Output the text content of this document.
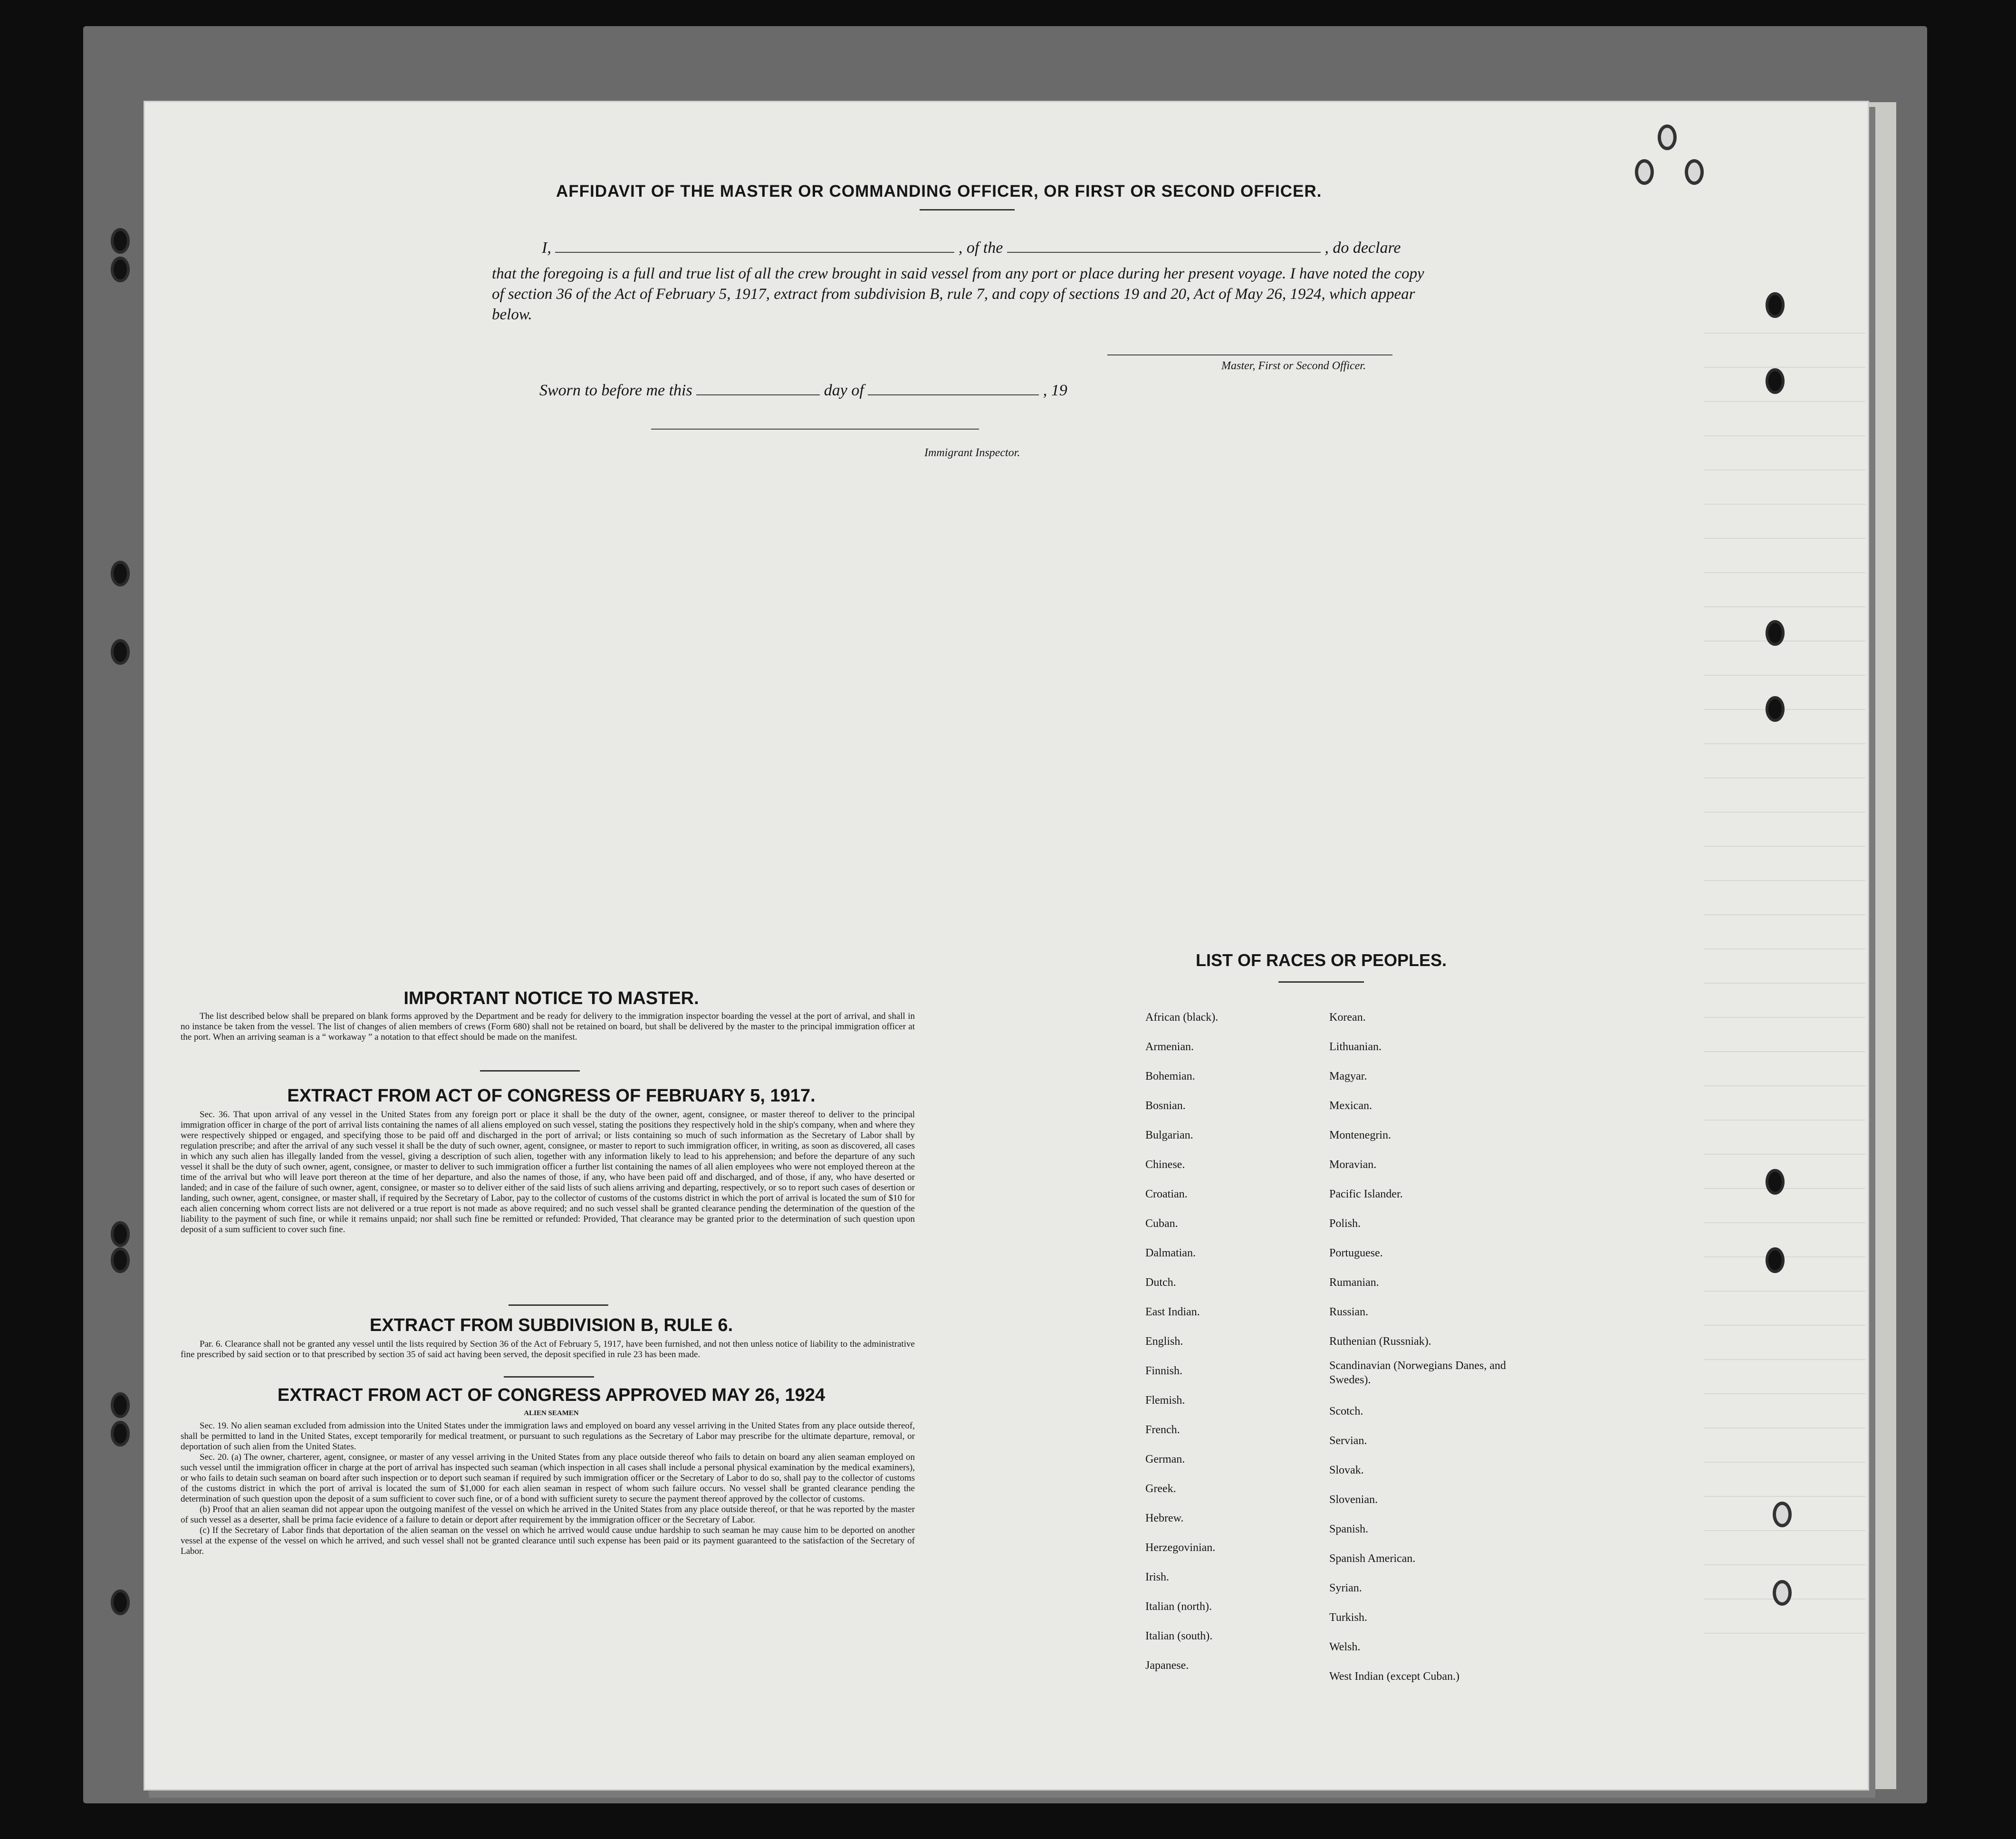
AFFIDAVIT OF THE MASTER OR COMMANDING OFFICER, OR FIRST OR SECOND OFFICER.
I,	, of the	, do declare
that the foregoing is a full and true list of all the crew brought in said vessel from any port or place during her present voyage. I have noted the copy of section 36 of the Act of February 5, 1917, extract from subdivision B, rule 7, and copy of sections 19 and 20, Act of May 26, 1924, which appear below.
Master, First or Second Officer.
Sworn to before me this	day of	, 19
Immigrant Inspector.
IMPORTANT NOTICE TO MASTER.

The list described below shall be prepared on blank forms approved by the Department and be ready for delivery to the immigration inspector boarding the vessel at the port of arrival, and shall in no instance be taken from the vessel. The list of changes of alien members of crews (Form 680) shall not be retained on board, but shall be delivered by the master to the principal immigration officer at the port. When an arriving seaman is a “ workaway ” a notation to that effect should be made on the manifest.

EXTRACT FROM ACT OF CONGRESS OF FEBRUARY 5, 1917.

Sec. 36. That upon arrival of any vessel in the United States from any foreign port or place it shall be the duty of the owner, agent, consignee, or master thereof to deliver to the principal immigration officer in charge of the port of arrival lists containing the names of all aliens employed on such vessel, stating the positions they respectively hold in the ship's company, when and where they were respectively shipped or engaged, and specifying those to be paid off and discharged in the port of arrival; or lists containing so much of such information as the Secretary of Labor shall by regulation prescribe; and after the arrival of any such vessel it shall be the duty of such owner, agent, consignee, or master to report to such immigration officer, in writing, as soon as discovered, all cases in which any such alien has illegally landed from the vessel, giving a description of such alien, together with any information likely to lead to his apprehension; and before the departure of any such vessel it shall be the duty of such owner, agent, consignee, or master to deliver to such immigration officer a further list containing the names of all alien employees who were not employed thereon at the time of the arrival but who will leave port thereon at the time of her departure, and also the names of those, if any, who have been paid off and discharged, and of those, if any, who have deserted or landed; and in case of the failure of such owner, agent, consignee, or master so to deliver either of the said lists of such aliens arriving and departing, respectively, or so to report such cases of desertion or landing, such owner, agent, consignee, or master shall, if required by the Secretary of Labor, pay to the collector of customs of the customs district in which the port of arrival is located the sum of $10 for each alien concerning whom correct lists are not delivered or a true report is not made as above required; and no such vessel shall be granted clearance pending the determination of the question of the liability to the payment of such fine, or while it remains unpaid; nor shall such fine be remitted or refunded: Provided, That clearance may be granted prior to the determination of such question upon deposit of a sum sufficient to cover such fine.

EXTRACT FROM SUBDIVISION B, RULE 6.

Par. 6. Clearance shall not be granted any vessel until the lists required by Section 36 of the Act of February 5, 1917, have been furnished, and not then unless notice of liability to the administrative fine prescribed by said section or to that prescribed by section 35 of said act having been served, the deposit specified in rule 23 has been made.

EXTRACT FROM ACT OF CONGRESS APPROVED MAY 26, 1924
ALIEN SEAMEN

Sec. 19. No alien seaman excluded from admission into the United States under the immigration laws and employed on board any vessel arriving in the United States from any place outside thereof, shall be permitted to land in the United States, except temporarily for medical treatment, or pursuant to such regulations as the Secretary of Labor may prescribe for the ultimate departure, removal, or deportation of such alien from the United States.

Sec. 20. (a) The owner, charterer, agent, consignee, or master of any vessel arriving in the United States from any place outside thereof who fails to detain on board any alien seaman employed on such vessel until the immigration officer in charge at the port of arrival has inspected such seaman (which inspection in all cases shall include a personal physical examination by the medical examiners), or who fails to detain such seaman on board after such inspection or to deport such seaman if required by such immigration officer or the Secretary of Labor to do so, shall pay to the collector of customs of the customs district in which the port of arrival is located the sum of $1,000 for each alien seaman in respect of whom such failure occurs. No vessel shall be granted clearance pending the determination of such question upon the deposit of a sum sufficient to cover such fine, or of a bond with sufficient surety to secure the payment thereof approved by the collector of customs.

(b) Proof that an alien seaman did not appear upon the outgoing manifest of the vessel on which he arrived in the United States from any place outside thereof, or that he was reported by the master of such vessel as a deserter, shall be prima facie evidence of a failure to detain or deport after requirement by the immigration officer or the Secretary of Labor.

(c) If the Secretary of Labor finds that deportation of the alien seaman on the vessel on which he arrived would cause undue hardship to such seaman he may cause him to be deported on another vessel at the expense of the vessel on which he arrived, and such vessel shall not be granted clearance until such expense has been paid or its payment guaranteed to the satisfaction of the Secretary of Labor.

LIST OF RACES OR PEOPLES.
African (black).
Armenian.
Bohemian.
Bosnian.
Bulgarian.
Chinese.
Croatian.
Cuban.
Dalmatian.
Dutch.
East Indian.
English.
Finnish.
Flemish.
French.
German.
Greek.
Hebrew.
Herzegovinian.
Irish.
Italian (north).
Italian (south).
Japanese.
Korean.
Lithuanian.
Magyar.
Mexican.
Montenegrin.
Moravian.
Pacific Islander.
Polish.
Portuguese.
Rumanian.
Russian.
Ruthenian (Russniak).
Scandinavian (Norwegians Danes, and Swedes).
Scotch.
Servian.
Slovak.
Slovenian.
Spanish.
Spanish American.
Syrian.
Turkish.
Welsh.
West Indian (except Cuban.)
